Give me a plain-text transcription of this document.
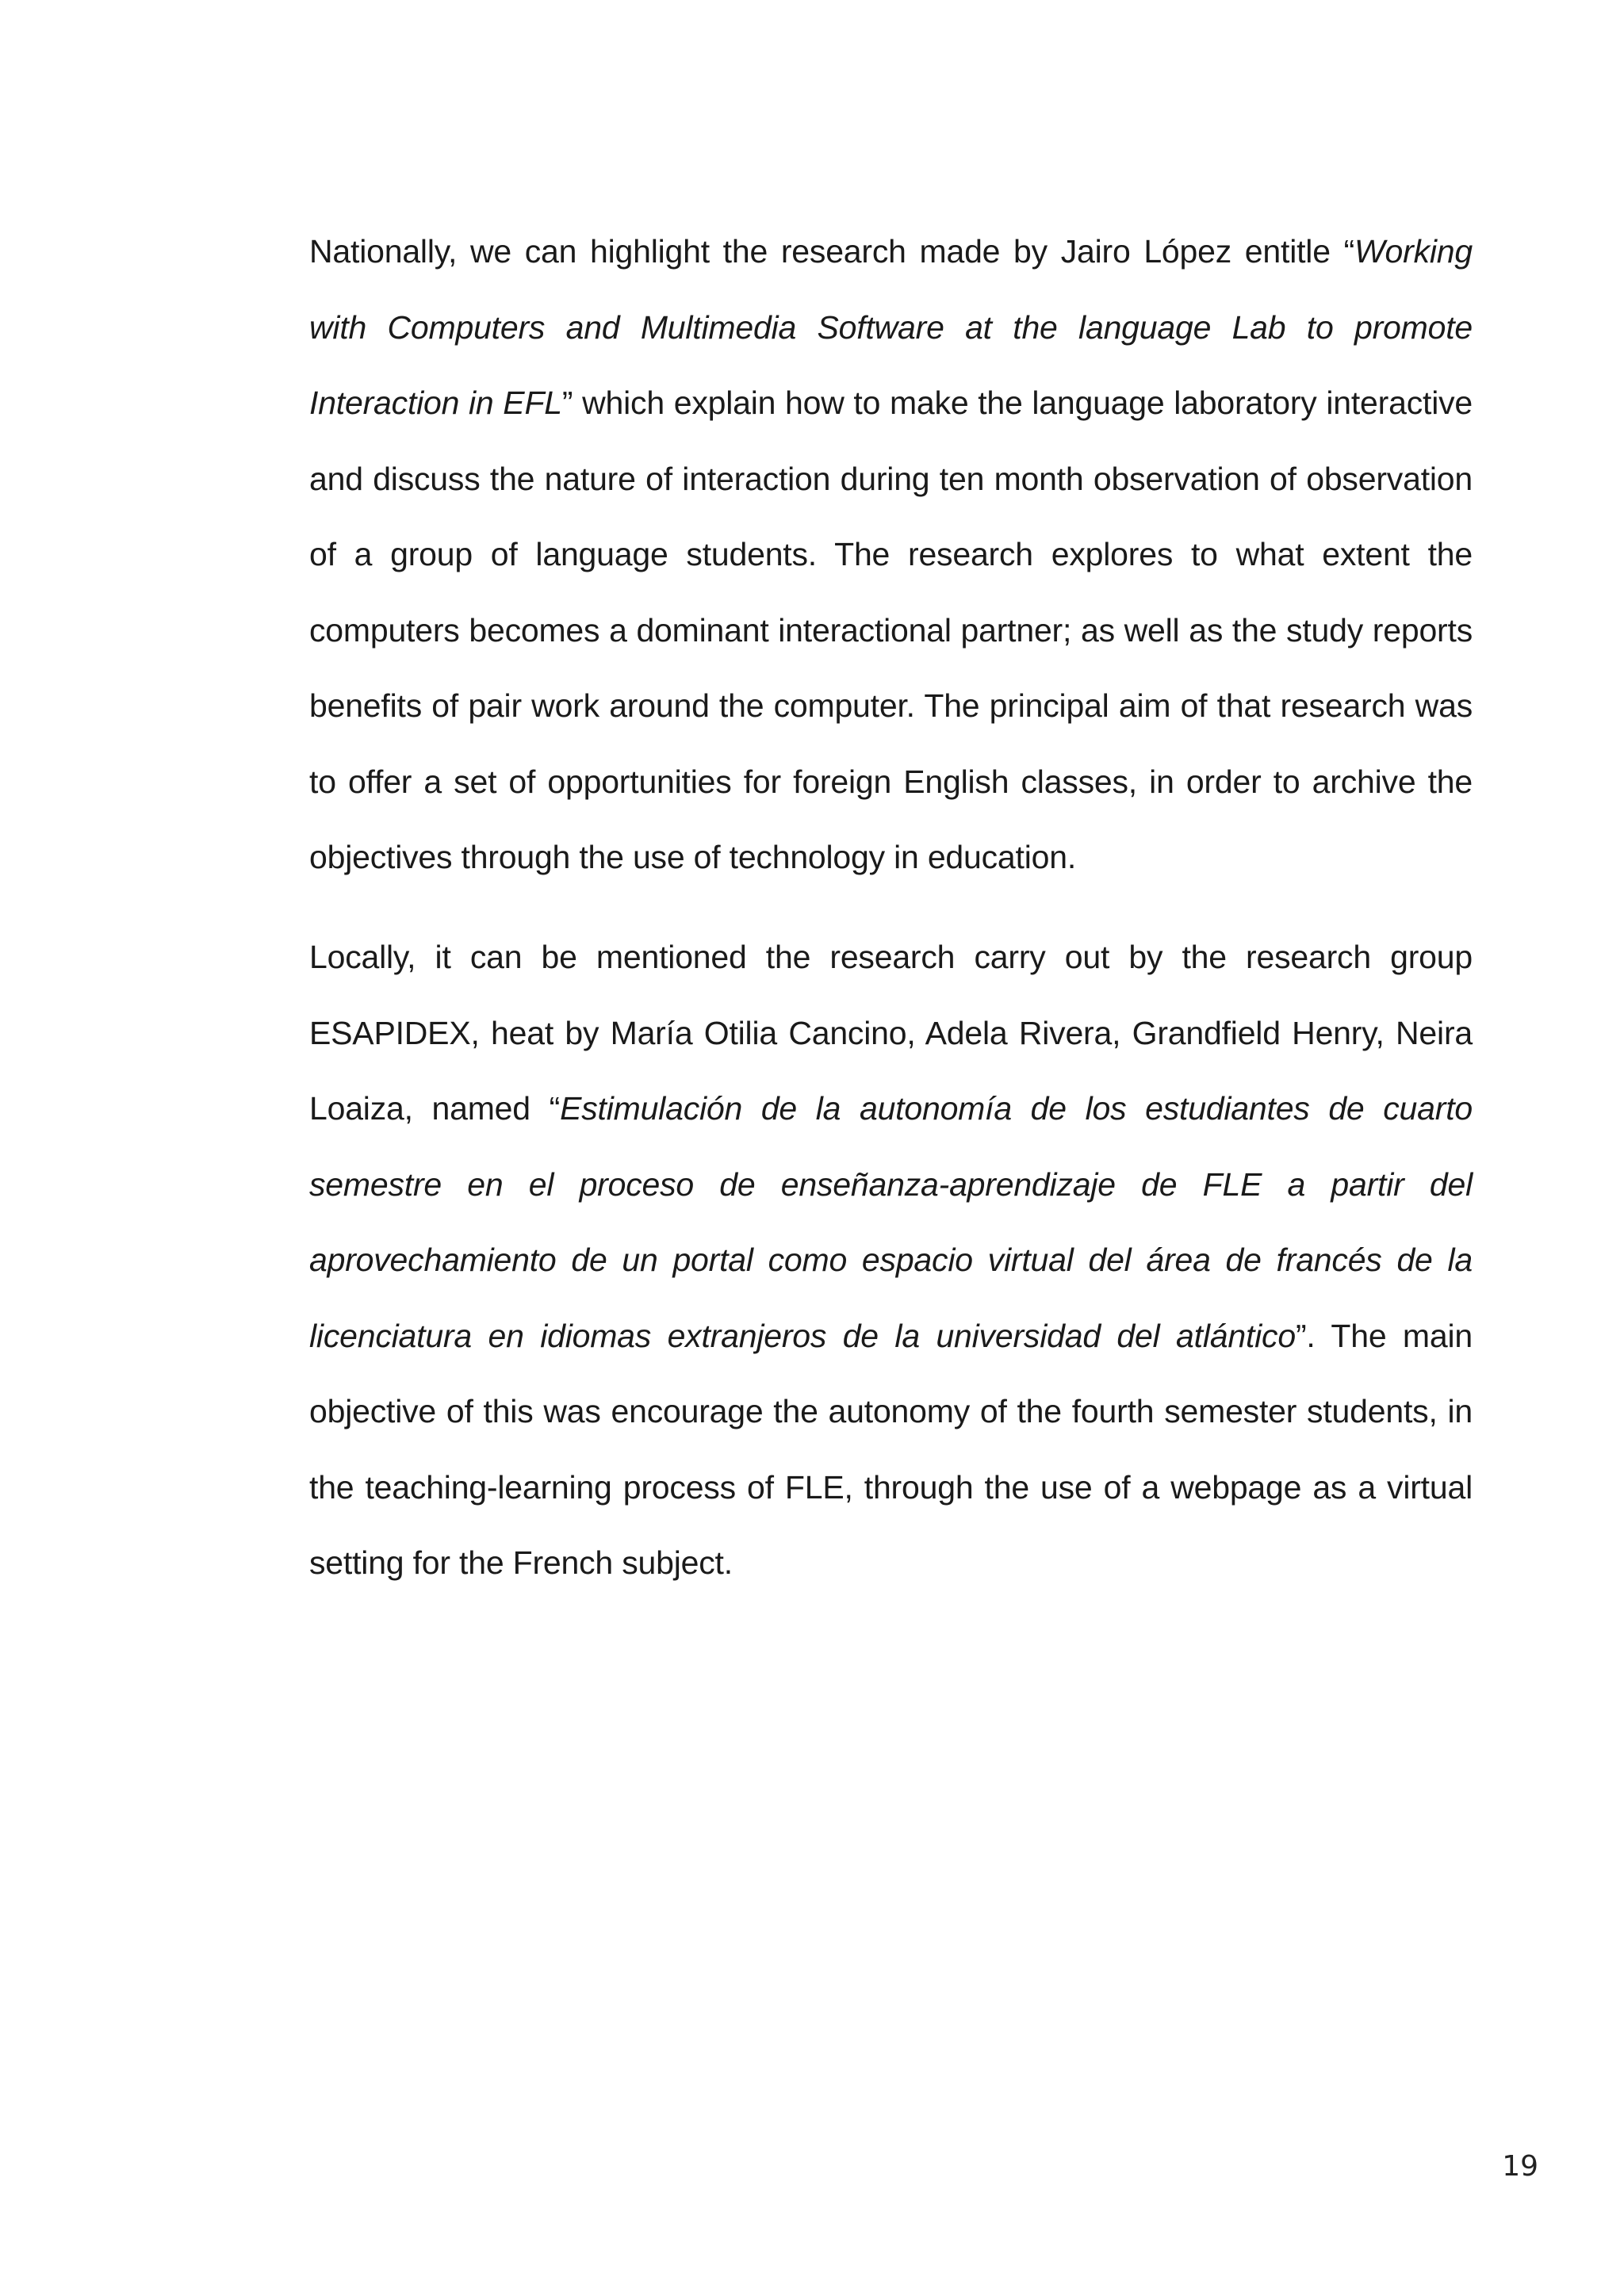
Nationally, we can highlight the research made by Jairo López entitle “Working with Computers and Multimedia Software at the language Lab to promote Interaction in EFL” which explain how to make the language laboratory interactive and discuss the nature of interaction during ten month observation of observation of a group of language students. The research explores to what extent the computers becomes a dominant interactional partner; as well as the study reports benefits of pair work around the computer. The principal aim of that research was to offer a set of opportunities for foreign English classes, in order to archive the objectives through the use of technology in education.

Locally, it can be mentioned the research carry out by the research group ESAPIDEX, heat by María Otilia Cancino, Adela Rivera, Grandfield Henry, Neira Loaiza, named “Estimulación de la autonomía de los estudiantes de cuarto semestre en el proceso de enseñanza-aprendizaje de FLE a partir del aprovechamiento de un portal como espacio virtual del área de francés de la licenciatura en idiomas extranjeros de la universidad del atlántico”. The main objective of this was encourage the autonomy of the fourth semester students, in the teaching-learning process of FLE, through the use of a webpage as a virtual setting for the French subject.

19
